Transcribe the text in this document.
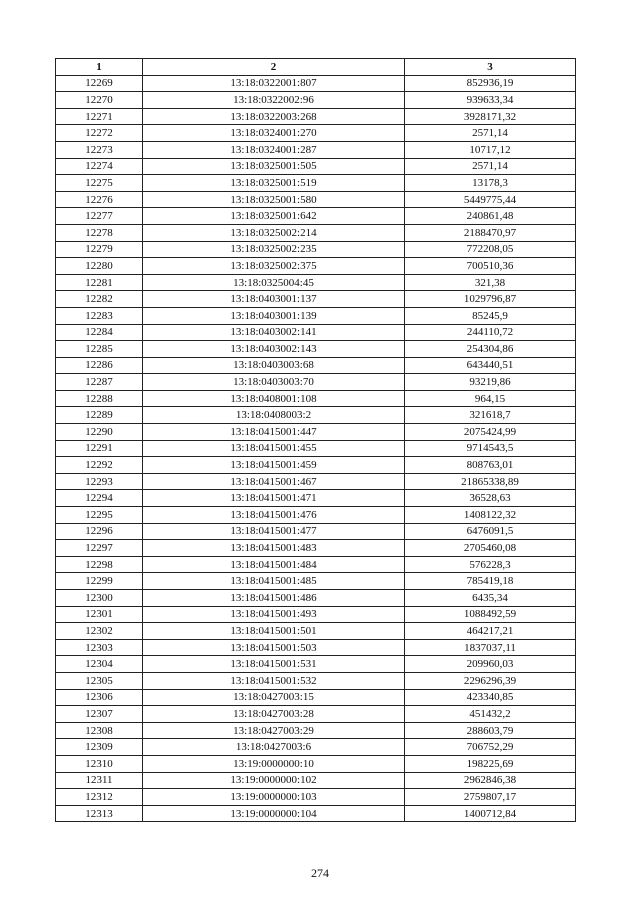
1	2	3
12269	13:18:0322001:807	852936,19
12270	13:18:0322002:96	939633,34
12271	13:18:0322003:268	3928171,32
12272	13:18:0324001:270	2571,14
12273	13:18:0324001:287	10717,12
12274	13:18:0325001:505	2571,14
12275	13:18:0325001:519	13178,3
12276	13:18:0325001:580	5449775,44
12277	13:18:0325001:642	240861,48
12278	13:18:0325002:214	2188470,97
12279	13:18:0325002:235	772208,05
12280	13:18:0325002:375	700510,36
12281	13:18:0325004:45	321,38
12282	13:18:0403001:137	1029796,87
12283	13:18:0403001:139	85245,9
12284	13:18:0403002:141	244110,72
12285	13:18:0403002:143	254304,86
12286	13:18:0403003:68	643440,51
12287	13:18:0403003:70	93219,86
12288	13:18:0408001:108	964,15
12289	13:18:0408003:2	321618,7
12290	13:18:0415001:447	2075424,99
12291	13:18:0415001:455	9714543,5
12292	13:18:0415001:459	808763,01
12293	13:18:0415001:467	21865338,89
12294	13:18:0415001:471	36528,63
12295	13:18:0415001:476	1408122,32
12296	13:18:0415001:477	6476091,5
12297	13:18:0415001:483	2705460,08
12298	13:18:0415001:484	576228,3
12299	13:18:0415001:485	785419,18
12300	13:18:0415001:486	6435,34
12301	13:18:0415001:493	1088492,59
12302	13:18:0415001:501	464217,21
12303	13:18:0415001:503	1837037,11
12304	13:18:0415001:531	209960,03
12305	13:18:0415001:532	2296296,39
12306	13:18:0427003:15	423340,85
12307	13:18:0427003:28	451432,2
12308	13:18:0427003:29	288603,79
12309	13:18:0427003:6	706752,29
12310	13:19:0000000:10	198225,69
12311	13:19:0000000:102	2962846,38
12312	13:19:0000000:103	2759807,17
12313	13:19:0000000:104	1400712,84
274
